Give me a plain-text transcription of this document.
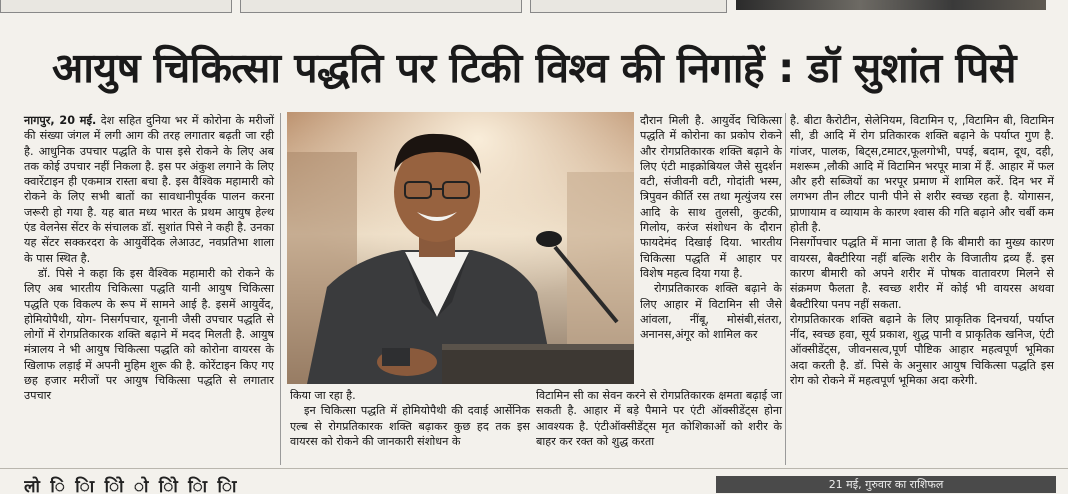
आयुष चिकित्सा पद्धति पर टिकी विश्व की निगाहें : डॉ सुशांत पिसे

नागपुर, 20 मई. देश सहित दुनिया भर में कोरोना के मरीजों की संख्या जंगल में लगी आग की तरह लगातार बढ़ती जा रही है. आधुनिक उपचार पद्धति के पास इसे रोकने के लिए अब तक कोई उपचार नहीं निकला है. इस पर अंकुश लगाने के लिए क्वारेंटाइन ही एकमात्र रास्ता बचा है. इस वैश्विक महामारी को रोकने के लिए सभी बातों का सावधानीपूर्वक पालन करना जरूरी हो गया है. यह बात मध्य भारत के प्रथम आयुष हेल्थ एंड वेलनेस सेंटर के संचालक डॉ. सुशांत पिसे ने कही है. उनका यह सेंटर सक्करदरा के आयुर्वेदिक लेआउट, नवप्रतिभा शाला के पास स्थित है.

डॉ. पिसे ने कहा कि इस वैश्विक महामारी को रोकने के लिए अब भारतीय चिकित्सा पद्धति यानी आयुष चिकित्सा पद्धति एक विकल्प के रूप में सामने आई है. इसमें आयुर्वेद, होमियोपैथी, योग- निसर्गपचार, यूनानी जैसी उपचार पद्धति से लोगों में रोगप्रतिकारक शक्ति बढ़ाने में मदद मिलती है. आयुष मंत्रालय ने भी आयुष चिकित्सा पद्धति को कोरोना वायरस के खिलाफ लड़ाई में अपनी मुहिम शुरू की है. कोरेंटाइन किए गए छह हजार मरीजों पर आयुष चिकित्सा पद्धति से लगातार उपचार	किया जा रहा है.

इन चिकित्सा पद्धति में होमियोपैथी की दवाई आर्सेनिक एल्ब से रोगप्रतिकारक शक्ति बढ़ाकर कुछ हद तक इस वायरस को रोकने की जानकारी संशोधन के

दौरान मिली है. आयुर्वेद चिकित्सा पद्धति में कोरोना का प्रकोप रोकने और रोगप्रतिकारक शक्ति बढ़ाने के लिए एंटी माइक्रोबियल जैसे सुदर्शन वटी, संजीवनी वटी, गोदांती भस्म, त्रिपुवन कीर्ति रस तथा मृत्युंजय रस आदि के साथ तुलसी, कुटकी, गिलोय, करंज संशोधन के दौरान फायदेमंद दिखाई दिया. भारतीय चिकित्सा पद्धति में आहार पर विशेष महत्व दिया गया है.

रोगप्रतिकारक शक्ति बढ़ाने के लिए आहार में विटामिन सी जैसे आंवला, नींबू, मोसंबी,संतरा, अनानस,अंगूर को शामिल कर

विटामिन सी का सेवन करने से रोगप्रतिकारक क्षमता बढ़ाई जा सकती है. आहार में बड़े पैमाने पर एंटी ऑक्सीडेंट्स होना आवश्यक है. एंटीऑक्सीडेंट्स मृत कोशिकाओं को शरीर के बाहर कर रक्त को शुद्ध करता

है. बीटा कैरोटीन, सेलेनियम, विटामिन ए, ,विटामिन बी, विटामिन सी, डी आदि में रोग प्रतिकारक शक्ति बढ़ाने के पर्याप्त गुण है. गांजर, पालक, बिट्स,टमाटर,फूलगोभी, पपई, बदाम, दूध, दही, मशरूम ,लौकी आदि में विटामिन भरपूर मात्रा में हैं. आहार में फल और हरी सब्जियों का भरपूर प्रमाण में शामिल करें. दिन भर में लगभग तीन लीटर पानी पीने से शरीर स्वच्छ रहता है. योगासन, प्राणायाम व व्यायाम के कारण श्वास की गति बढ़ाने और चर्बी कम होती है.

निसर्गोपचार पद्धति में माना जाता है कि बीमारी का मुख्य कारण वायरस, बैक्टीरिया नहीं बल्कि शरीर के विजातीय द्रव्य हैं. इस कारण बीमारी को अपने शरीर में पोषक वातावरण मिलने से संक्रमण फैलता है. स्वच्छ शरीर में कोई भी वायरस अथवा बैक्टीरिया पनप नहीं सकता.

रोगप्रतिकारक शक्ति बढ़ाने के लिए प्राकृतिक दिनचर्या, पर्याप्त नींद, स्वच्छ हवा, सूर्य प्रकाश, शुद्ध पानी व प्राकृतिक खनिज, एंटी ऑक्सीडेंट्स, जीवनसत्व,पूर्ण पौष्टिक आहार महत्वपूर्ण भूमिका अदा करती है. डॉ. पिसे के अनुसार आयुष चिकित्सा पद्धति इस रोग को रोकने में महत्वपूर्ण भूमिका अदा करेगी.

लो ि ाि ोि ो ोि ाि ाि	21 मई, गुरुवार का राशिफल
